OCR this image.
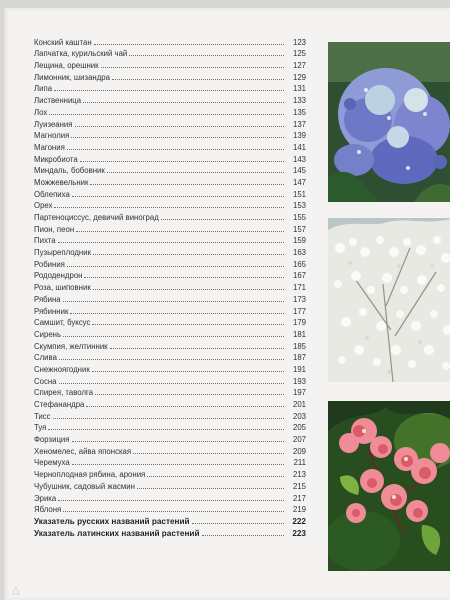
Конский каштан	123
Лапчатка, курильский чай	125
Лещина, орешник	127
Лимонник, шизандра	129
Липа	131
Лиственница	133
Лох	135
Луизеания	137
Магнолия	139
Магония	141
Микробиота	143
Миндаль, бобовник	145
Можжевельник	147
Облепиха	151
Орех	153
Партеноциссус, девичий виноград	155
Пион, пеон	157
Пихта	159
Пузыреплодник	163
Робиния	165
Рододендрон	167
Роза, шиповник	171
Рябина	173
Рябинник	177
Самшит, буксус	179
Сирень	181
Скумпия, желтинник	185
Слива	187
Снежноягодник	191
Сосна	193
Спирея, таволга	197
Стефанандра	201
Тисс	203
Туя	205
Форзиция	207
Хеномелес, айва японская	209
Черемуха	211
Черноплодная рябина, арония	213
Чубушник, садовый жасмин	215
Эрика	217
Яблоня	219
Указатель русских названий растений	222
Указатель латинских названий растений	223
△
